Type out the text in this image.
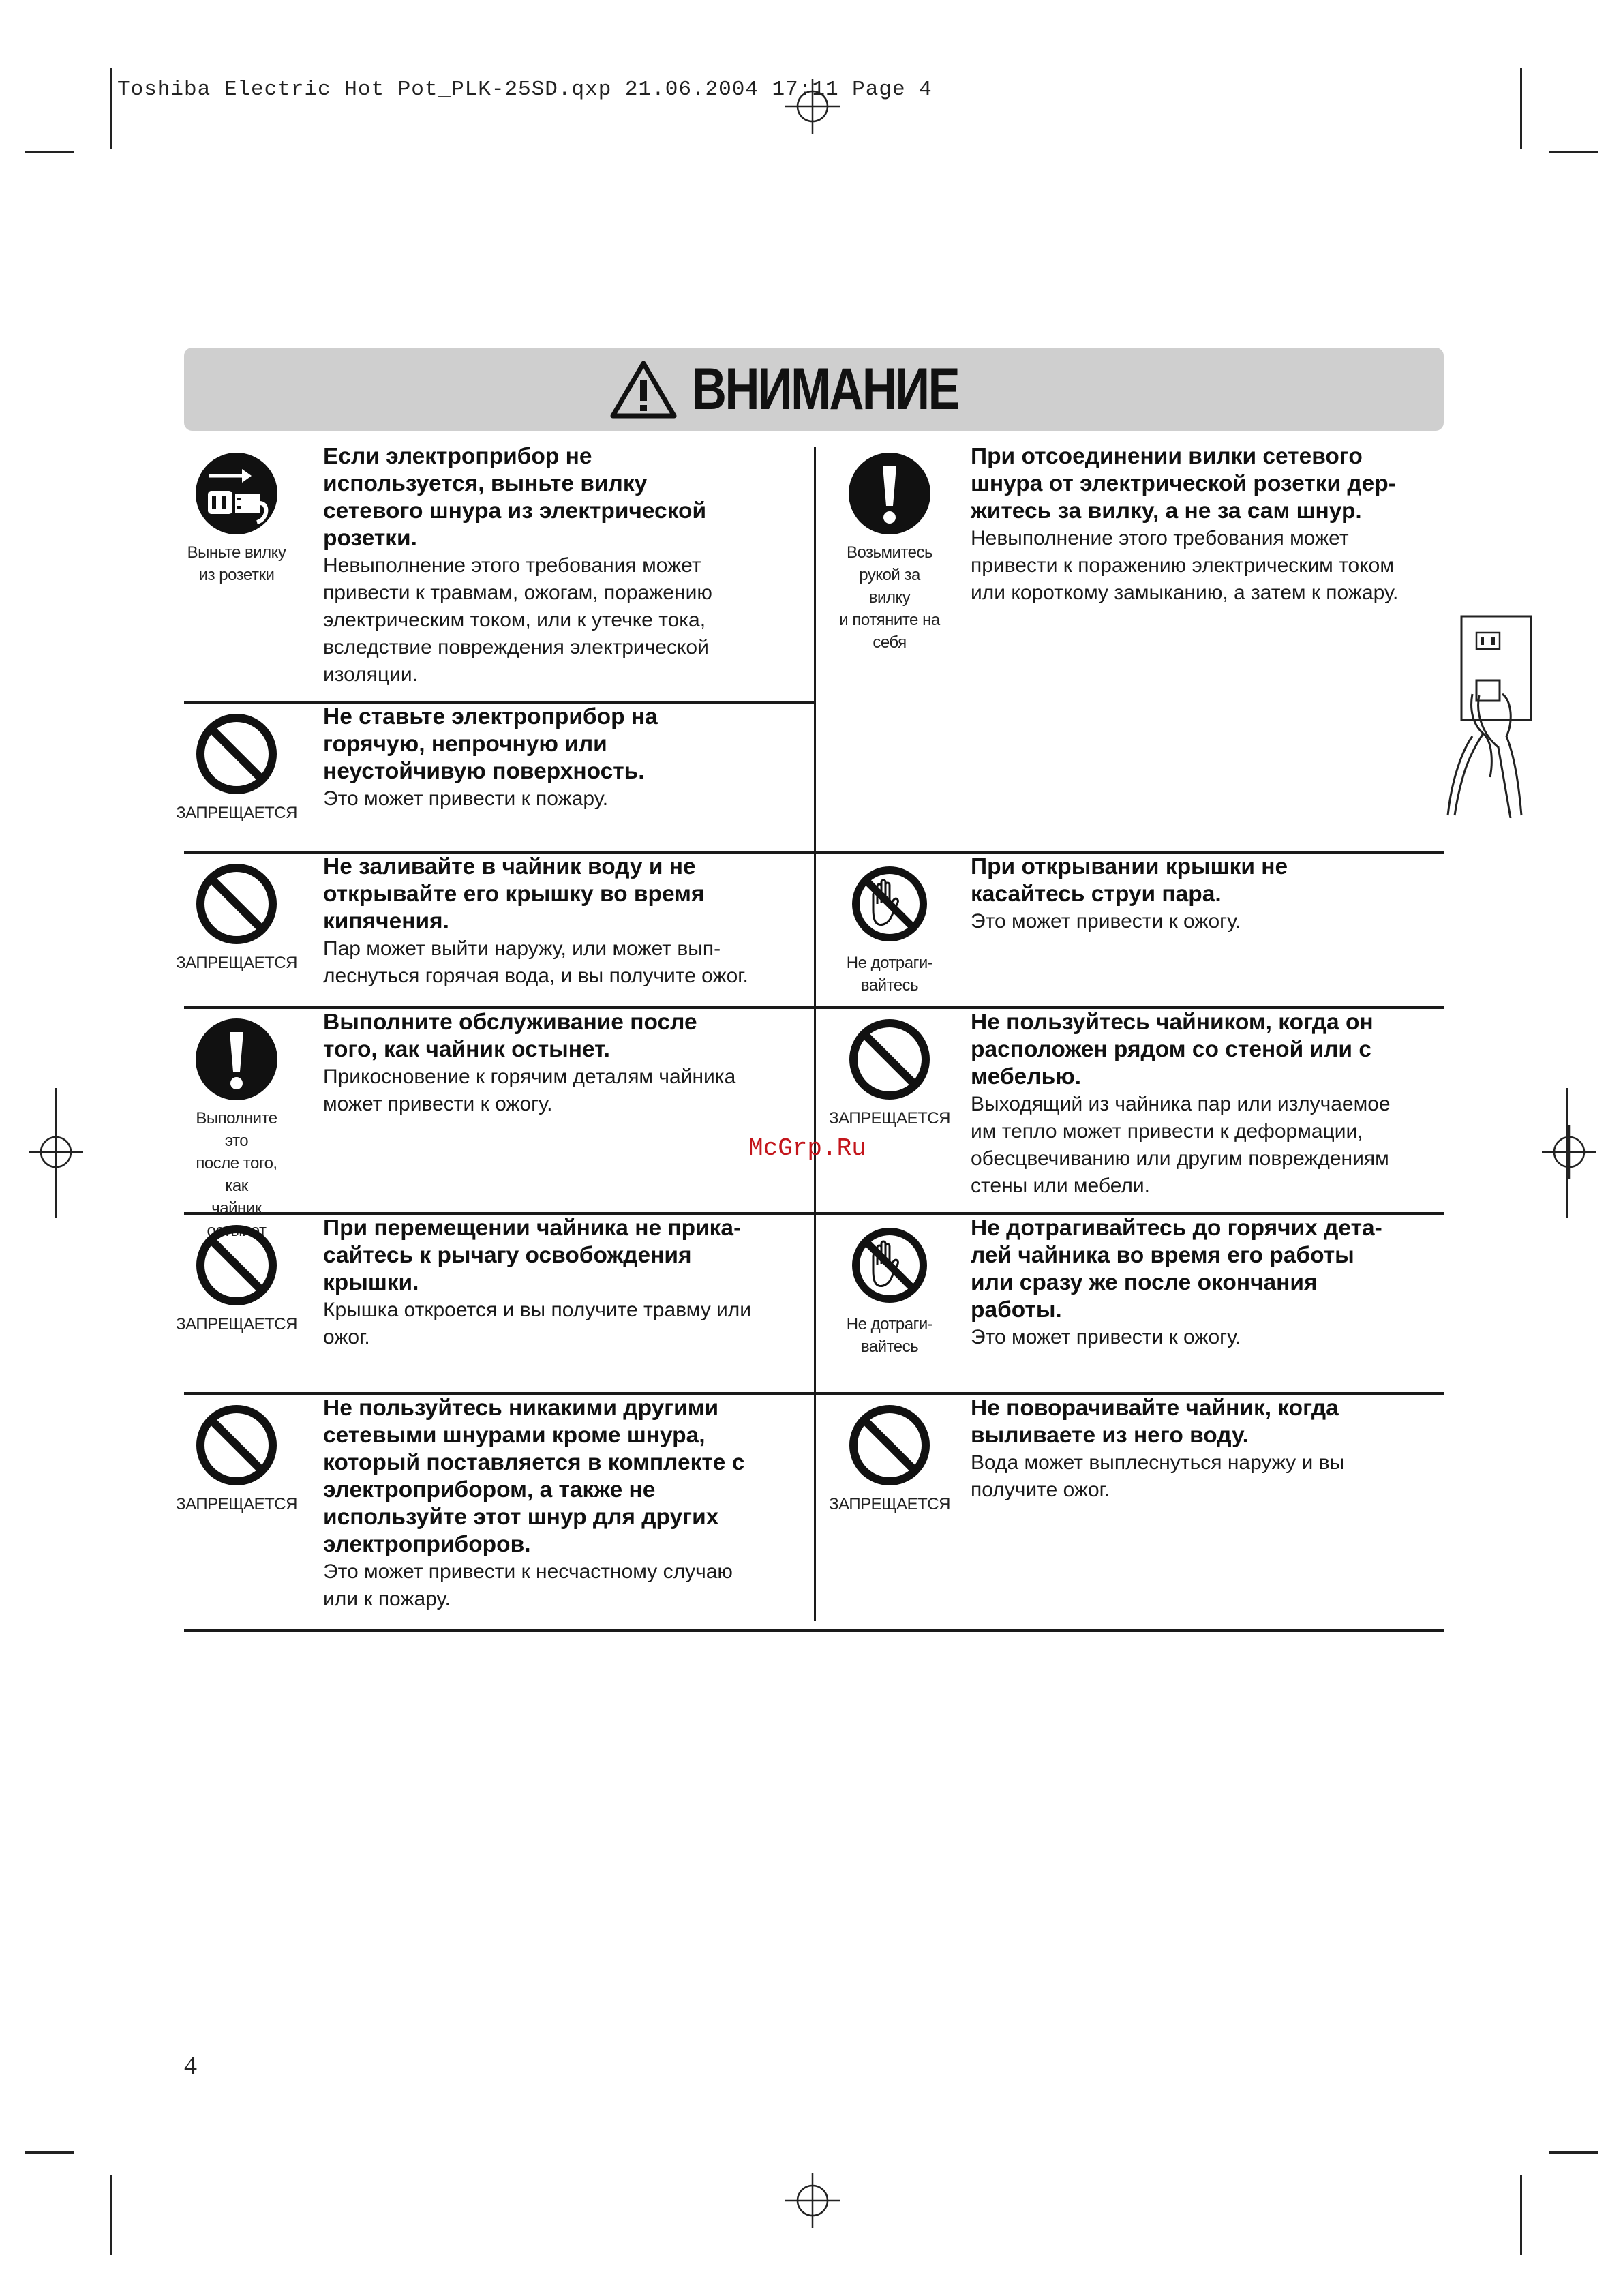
Toshiba Electric Hot Pot_PLK-25SD.qxp 21.06.2004 17:11 Page 4
ВНИМАНИЕ
Выньте вилку
из розетки
Если электроприбор не
используется, выньте вилку
сетевого шнура из электрической
розетки.
Невыполнение этого требования может
привести к травмам, ожогам, поражению
электрическим током, или к утечке тока,
вследствие повреждения электрической
изоляции.
Возьмитесь
рукой за вилку
и потяните на
себя
При отсоединении вилки сетевого
шнура от электрической розетки дер-
житесь за вилку, а не за сам шнур.
Невыполнение этого требования может
привести к поражению электрическим током
или короткому замыканию, а затем к пожару.
ЗАПРЕЩАЕТСЯ
Не ставьте электроприбор на
горячую, непрочную или
неустойчивую поверхность.
Это может привести к пожару.
ЗАПРЕЩАЕТСЯ
Не заливайте в чайник воду и не
открывайте его крышку во время
кипячения.
Пар может выйти наружу, или может вып-
леснуться горячая вода, и вы получите ожог.
Не дотраги-
вайтесь
При открывании крышки не
касайтесь струи пара.
Это может привести к ожогу.
Выполните это
после того, как
чайник
остынет
Выполните обслуживание после
того, как чайник остынет.
Прикосновение к горячим деталям чайника
может привести к ожогу.
ЗАПРЕЩАЕТСЯ
Не пользуйтесь чайником, когда он
расположен рядом со стеной или с
мебелью.
Выходящий из чайника пар или излучаемое
им тепло может привести к деформации,
обесцвечиванию или другим повреждениям
стены или мебели.
ЗАПРЕЩАЕТСЯ
При перемещении чайника не прика-
сайтесь к рычагу освобождения
крышки.
Крышка откроется и вы получите травму или
ожог.
Не дотраги-
вайтесь
Не дотрагивайтесь до горячих дета-
лей чайника во время его работы
или сразу же после окончания
работы.
Это может привести к ожогу.
ЗАПРЕЩАЕТСЯ
Не пользуйтесь никакими другими
сетевыми шнурами кроме шнура,
который поставляется в комплекте с
электроприбором, а также не
используйте этот шнур для других
электроприборов.
Это может привести к несчастному случаю
или к пожару.
ЗАПРЕЩАЕТСЯ
Не поворачивайте чайник, когда
выливаете из него воду.
Вода может выплеснуться наружу и вы
получите ожог.
McGrp.Ru
4
